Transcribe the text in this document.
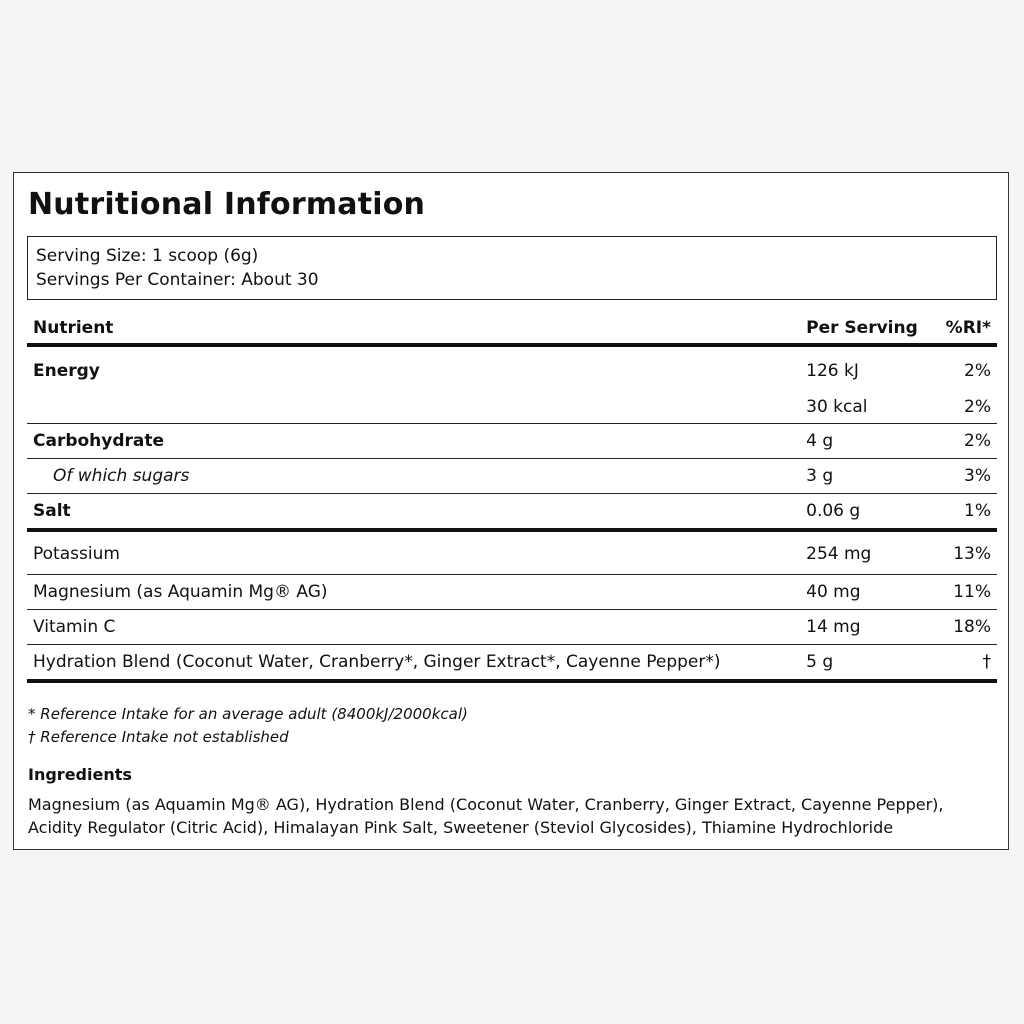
Nutritional Information
Serving Size: 1 scoop (6g)
Servings Per Container: About 30
Nutrient	Per Serving	%RI*
Energy	126 kJ	2%
	30 kcal	2%
Carbohydrate	4 g	2%
Of which sugars	3 g	3%
Salt	0.06 g	1%
Potassium	254 mg	13%
Magnesium (as Aquamin Mg® AG)	40 mg	11%
Vitamin C	14 mg	18%
Hydration Blend (Coconut Water, Cranberry*, Ginger Extract*, Cayenne Pepper*)	5 g	†
* Reference Intake for an average adult (8400kJ/2000kcal)
† Reference Intake not established
Ingredients
Magnesium (as Aquamin Mg® AG), Hydration Blend (Coconut Water, Cranberry, Ginger Extract, Cayenne Pepper), Acidity Regulator (Citric Acid), Himalayan Pink Salt, Sweetener (Steviol Glycosides), Thiamine Hydrochloride
